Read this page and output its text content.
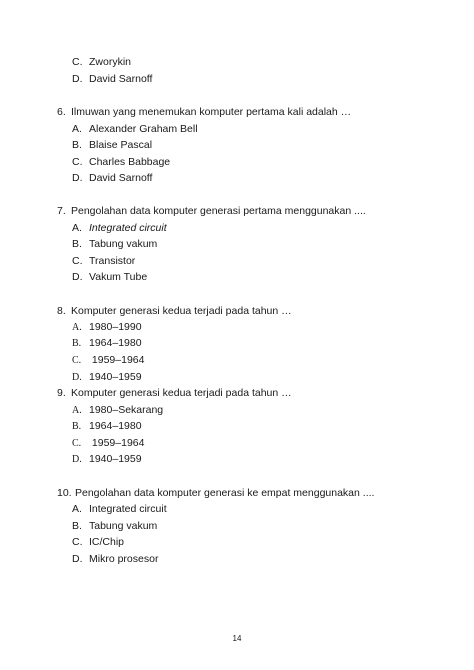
C. Zworykin
D. David Sarnoff
6. Ilmuwan yang menemukan komputer pertama kali adalah …
A. Alexander Graham Bell
B. Blaise Pascal
C. Charles Babbage
D. David Sarnoff
7. Pengolahan data komputer generasi pertama menggunakan ....
A. Integrated circuit
B. Tabung vakum
C. Transistor
D. Vakum Tube
8. Komputer generasi kedua terjadi pada tahun …
A. 1980–1990
B. 1964–1980
C. 1959–1964
D. 1940–1959
9. Komputer generasi kedua terjadi pada tahun …
A. 1980–Sekarang
B. 1964–1980
C. 1959–1964
D. 1940–1959
10. Pengolahan data komputer generasi ke empat menggunakan ....
A. Integrated circuit
B. Tabung vakum
C. IC/Chip
D. Mikro prosesor
14
